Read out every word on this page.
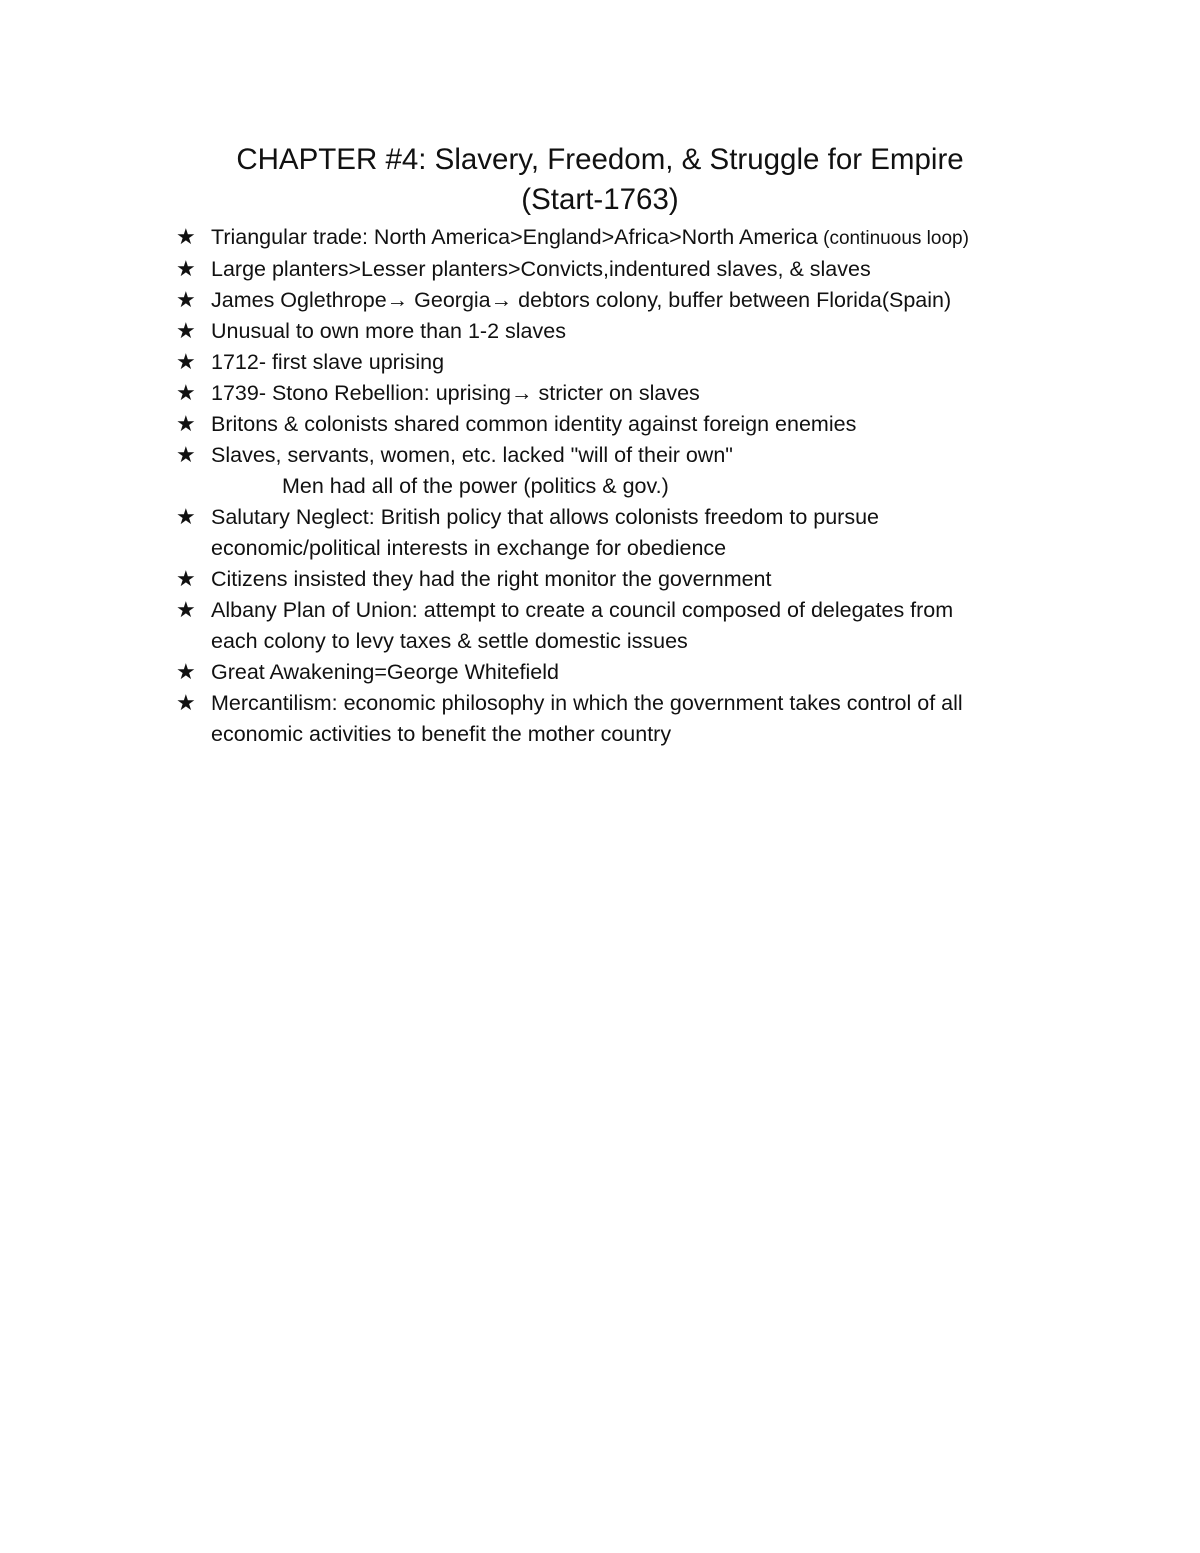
CHAPTER #4: Slavery, Freedom, & Struggle for Empire
(Start-1763)
★ Triangular trade: North America>England>Africa>North America (continuous loop)
★ Large planters>Lesser planters>Convicts,indentured slaves, & slaves
★ James Oglethrope→ Georgia→ debtors colony, buffer between Florida(Spain)
★ Unusual to own more than 1-2 slaves
★ 1712- first slave uprising
★ 1739- Stono Rebellion: uprising→ stricter on slaves
★ Britons & colonists shared common identity against foreign enemies
★ Slaves, servants, women, etc. lacked "will of their own"
Men had all of the power (politics & gov.)
★ Salutary Neglect: British policy that allows colonists freedom to pursue
economic/political interests in exchange for obedience
★ Citizens insisted they had the right monitor the government
★ Albany Plan of Union: attempt to create a council composed of delegates from
each colony to levy taxes & settle domestic issues
★ Great Awakening=George Whitefield
★ Mercantilism: economic philosophy in which the government takes control of all
economic activities to benefit the mother country
